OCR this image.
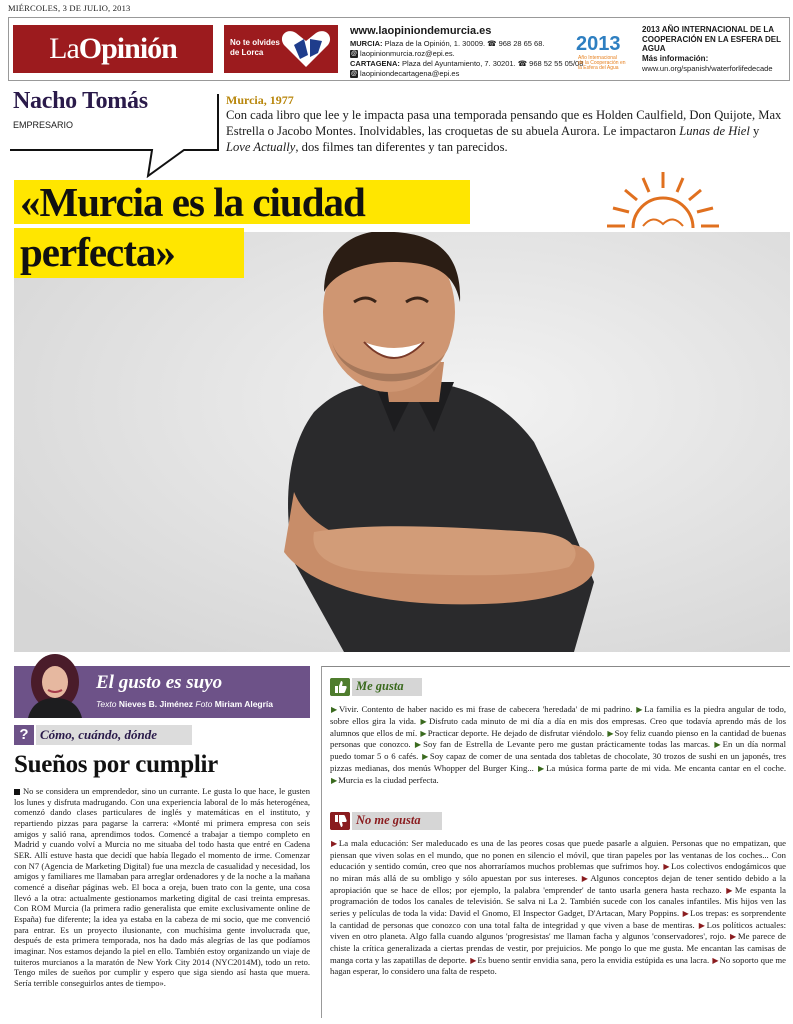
MIÉRCOLES, 3 DE JULIO, 2013
La Opinión	No te olvides de Lorca
www.laopiniondemurcia.es
MURCIA: Plaza de la Opinión, 1. 30009. ☎ 968 28 65 68.
@ laopinionmurcia.roz@epi.es.
CARTAGENA: Plaza del Ayuntamiento, 7. 30201. ☎ 968 52 55 05/08
@ laopiniondecartagena@epi.es
2013
Año Internacional
de la Cooperación en
la Esfera del Agua
2013 AÑO INTERNACIONAL DE LA COOPERACIÓN EN LA ESFERA DEL AGUA
Más información:
www.un.org/spanish/waterforlifedecade
Nacho Tomás
EMPRESARIO
Murcia, 1977
Con cada libro que lee y le impacta pasa una temporada pensando que es Holden Caulfield, Don Quijote, Max Estrella o Jacobo Montes. Inolvidables, las croquetas de su abuela Aurora. Le impactaron Lunas de Hiel y Love Actually, dos filmes tan diferentes y tan parecidos.
«Murcia es la ciudad
perfecta»
El gusto es suyo
Texto Nieves B. Jiménez Foto Miriam Alegría
? Cómo, cuándo, dónde
Sueños por cumplir
No se considera un emprendedor, sino un currante. Le gusta lo que hace, le gusten los lunes y disfruta madrugando. Con una experiencia laboral de lo más heterogénea, comenzó dando clases particulares de inglés y matemáticas en el instituto, y repartiendo pizzas para pagarse la carrera: «Monté mi primera empresa con seis amigos y salió rana, aprendimos todos. Comencé a trabajar a tiempo completo en Madrid y cuando volví a Murcia no me situaba del todo hasta que entré en Cadena SER. Allí estuve hasta que decidí que había llegado el momento de irme. Comenzar con N7 (Agencia de Marketing Digital) fue una mezcla de casualidad y necesidad, los amigos y familiares me llamaban para arreglar ordenadores y de la noche a la mañana comencé a diseñar páginas web. El boca a oreja, buen trato con la gente, una cosa llevó a la otra: actualmente gestionamos marketing digital de casi treinta empresas. Con ROM Murcia (la primera radio generalista que emite exclusivamente online de España) fue diferente; la idea ya estaba en la cabeza de mi socio, que me convenció para entrar. Es un proyecto ilusionante, con muchísima gente involucrada que, después de esta primera temporada, nos ha dado más alegrías de las que podíamos imaginar. Nos estamos dejando la piel en ello. También estoy organizando un viaje de tuiteros murcianos a la maratón de New York City 2014 (NYC2014M), todo un reto. Tengo miles de sueños por cumplir y espero que siga siendo así hasta que muera. Sería terrible conseguirlos antes de tiempo».
Me gusta
▶Vivir. Contento de haber nacido es mi frase de cabecera 'heredada' de mi padrino. ▶La familia es la piedra angular de todo, sobre ellos gira la vida. ▶Disfruto cada minuto de mi día a día en mis dos empresas. Creo que todavía aprendo más de los alumnos que ellos de mí. ▶Practicar deporte. He dejado de disfrutar viéndolo. ▶Soy feliz cuando pienso en la cantidad de buenas personas que conozco. ▶Soy fan de Estrella de Levante pero me gustan prácticamente todas las marcas. ▶En un día normal puedo tomar 5 o 6 cafés. ▶Soy capaz de comer de una sentada dos tabletas de chocolate, 30 trozos de sushi en un japonés, tres pizzas medianas, dos menús Whopper del Burger King... ▶La música forma parte de mi vida. Me encanta cantar en el coche. ▶Murcia es la ciudad perfecta.
No me gusta
▶La mala educación: Ser maleducado es una de las peores cosas que puede pasarle a alguien. Personas que no empatizan, que piensan que viven solas en el mundo, que no ponen en silencio el móvil, que tiran papeles por las ventanas de los coches... Con educación y sentido común, creo que nos ahorraríamos muchos problemas que sufrimos hoy. ▶Los colectivos endogámicos que no miran más allá de su ombligo y sólo apuestan por sus intereses. ▶Algunos conceptos dejan de tener sentido debido a la apropiación que se hace de ellos; por ejemplo, la palabra 'emprender' de tanto usarla genera hasta rechazo. ▶Me espanta la programación de todos los canales de televisión. Se salva ni La 2. También sucede con los canales infantiles. Mis hijos ven las series y películas de toda la vida: David el Gnomo, El Inspector Gadget, D'Artacan, Mary Poppins. ▶Los trepas: es sorprendente la cantidad de personas que conozco con una total falta de integridad y que viven a base de mentiras. ▶Los políticos actuales: viven en otro planeta. Algo falla cuando algunos 'progresistas' me llaman facha y algunos 'conservadores', rojo. ▶Me parece de chiste la crítica generalizada a ciertas prendas de vestir, por prejuicios. Me pongo lo que me gusta. Me encantan las camisas de manga corta y las zapatillas de deporte. ▶Es bueno sentir envidia sana, pero la envidia estúpida es una lacra. ▶No soporto que me hagan esperar, lo considero una falta de respeto.
